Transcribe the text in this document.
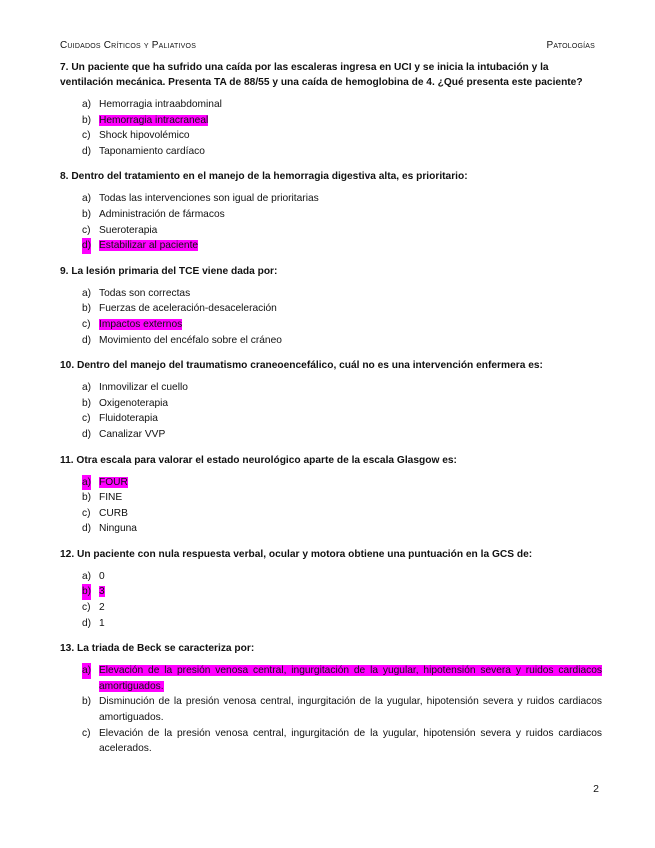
Cuidados Críticos y Paliativos	Patologías

7. Un paciente que ha sufrido una caída por las escaleras ingresa en UCI y se inicia la intubación y la ventilación mecánica. Presenta TA de 88/55 y una caída de hemoglobina de 4. ¿Qué presenta este paciente?

a) Hemorragia intraabdominal
b) Hemorragia intracraneal
c) Shock hipovolémico
d) Taponamiento cardíaco

8. Dentro del tratamiento en el manejo de la hemorragia digestiva alta, es prioritario:

a) Todas las intervenciones son igual de prioritarias
b) Administración de fármacos
c) Sueroterapia
d) Estabilizar al paciente

9. La lesión primaria del TCE viene dada por:

a) Todas son correctas
b) Fuerzas de aceleración-desaceleración
c) Impactos externos
d) Movimiento del encéfalo sobre el cráneo

10. Dentro del manejo del traumatismo craneoencefálico, cuál no es una intervención enfermera es:

a) Inmovilizar el cuello
b) Oxigenoterapia
c) Fluidoterapia
d) Canalizar VVP

11. Otra escala para valorar el estado neurológico aparte de la escala Glasgow es:

a) FOUR
b) FINE
c) CURB
d) Ninguna

12. Un paciente con nula respuesta verbal, ocular y motora obtiene una puntuación en la GCS de:

a) 0
b) 3
c) 2
d) 1

13. La triada de Beck se caracteriza por:

a) Elevación de la presión venosa central, ingurgitación de la yugular, hipotensión severa y ruidos cardiacos amortiguados.
b) Disminución de la presión venosa central, ingurgitación de la yugular, hipotensión severa y ruidos cardiacos amortiguados.
c) Elevación de la presión venosa central, ingurgitación de la yugular, hipotensión severa y ruidos cardiacos acelerados.
2
